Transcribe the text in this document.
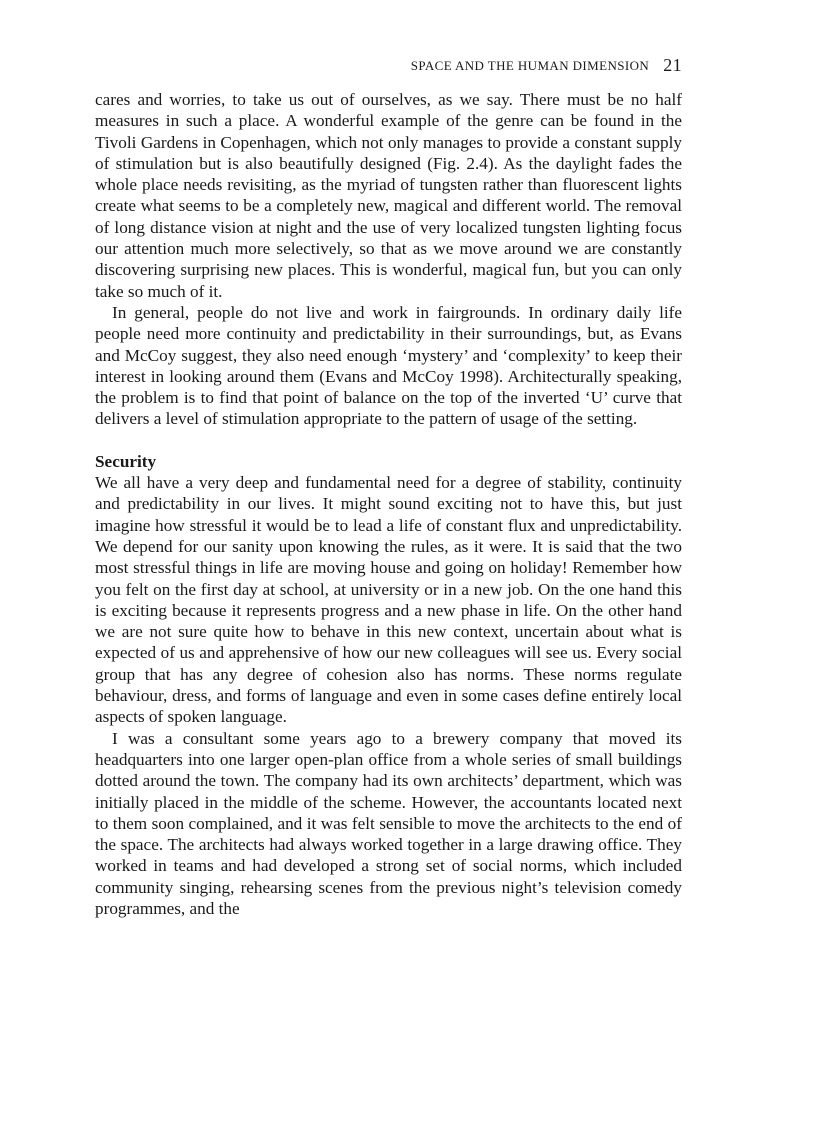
SPACE AND THE HUMAN DIMENSION 21

cares and worries, to take us out of ourselves, as we say. There must be no half measures in such a place. A wonderful example of the genre can be found in the Tivoli Gardens in Copenhagen, which not only manages to provide a constant supply of stimulation but is also beautifully designed (Fig. 2.4). As the daylight fades the whole place needs revisiting, as the myriad of tungsten rather than fluorescent lights create what seems to be a completely new, magical and different world. The removal of long distance vision at night and the use of very localized tungsten lighting focus our attention much more selectively, so that as we move around we are constantly discovering surprising new places. This is wonderful, magical fun, but you can only take so much of it.

In general, people do not live and work in fairgrounds. In ordinary daily life people need more continuity and predictability in their surroundings, but, as Evans and McCoy suggest, they also need enough ‘mystery’ and ‘complexity’ to keep their interest in looking around them (Evans and McCoy 1998). Architecturally speaking, the problem is to find that point of balance on the top of the inverted ‘U’ curve that delivers a level of stimulation appropriate to the pattern of usage of the setting.

Security

We all have a very deep and fundamental need for a degree of stability, continuity and predictability in our lives. It might sound exciting not to have this, but just imagine how stressful it would be to lead a life of constant flux and unpredictability. We depend for our sanity upon knowing the rules, as it were. It is said that the two most stressful things in life are moving house and going on holiday! Remember how you felt on the first day at school, at university or in a new job. On the one hand this is exciting because it represents progress and a new phase in life. On the other hand we are not sure quite how to behave in this new context, uncertain about what is expected of us and apprehensive of how our new colleagues will see us. Every social group that has any degree of cohesion also has norms. These norms regulate behaviour, dress, and forms of language and even in some cases define entirely local aspects of spoken language.

I was a consultant some years ago to a brewery company that moved its headquarters into one larger open-plan office from a whole series of small buildings dotted around the town. The company had its own architects’ department, which was initially placed in the middle of the scheme. However, the accountants located next to them soon complained, and it was felt sensible to move the architects to the end of the space. The architects had always worked together in a large drawing office. They worked in teams and had developed a strong set of social norms, which included community singing, rehearsing scenes from the previous night’s television comedy programmes, and the
